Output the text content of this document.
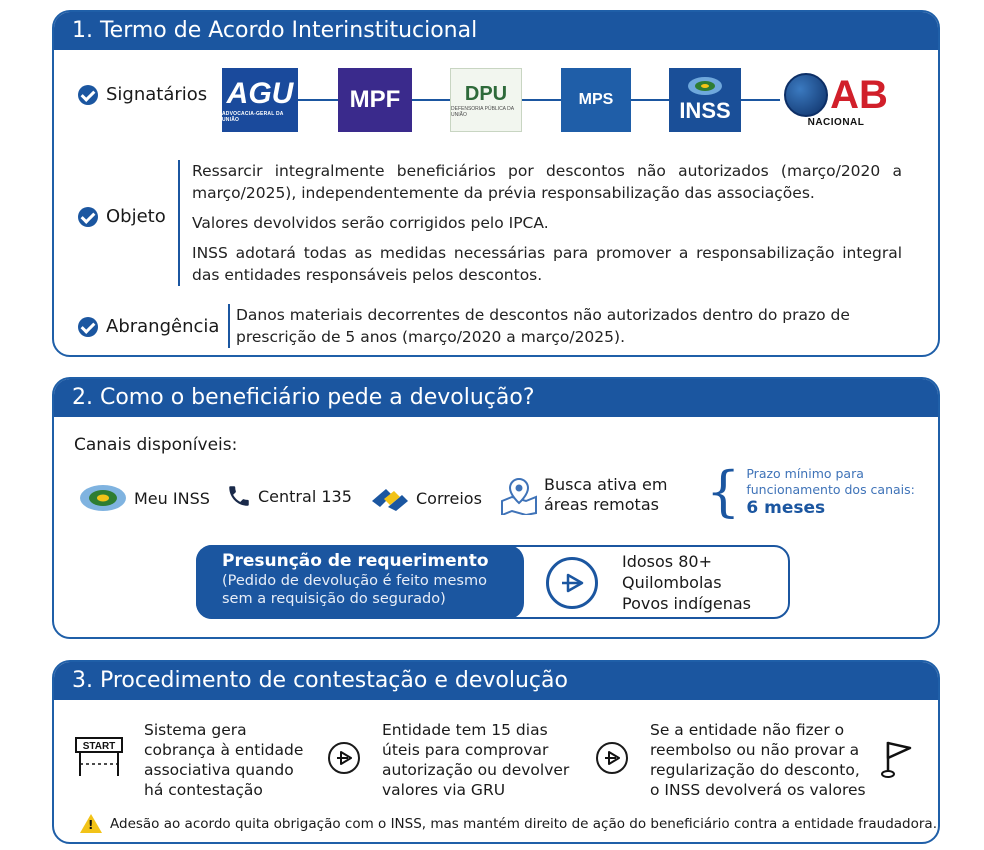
1. Termo de Acordo Interinstitucional
Signatários AGU
ADVOCACIA-GERAL DA UNIÃO
MPF	DPU
DEFENSORIA PÚBLICA DA UNIÃO
MPS	INSS AB
NACIONAL
Objeto

Ressarcir integralmente beneficiários por descontos não autorizados (março/2020 a março/2025), independentemente da prévia responsabilização das associações.

Valores devolvidos serão corrigidos pelo IPCA.

INSS adotará todas as medidas necessárias para promover a responsabilização integral das entidades responsáveis pelos descontos.

Abrangência

Danos materiais decorrentes de descontos não autorizados dentro do prazo de prescrição de 5 anos (março/2020 a março/2025).

2. Como o beneficiário pede a devolução?
Canais disponíveis:
Meu INSS	Central 135	Correios
Busca ativa em
áreas remotas { Prazo mínimo para
funcionamento dos canais:
6 meses
Presunção de requerimento
(Pedido de devolução é feito mesmo
sem a requisição do segurado)
Idosos 80+
Quilombolas
Povos indígenas
3. Procedimento de contestação e devolução
START
Sistema gera
cobrança à entidade
associativa quando
há contestação
Entidade tem 15 dias
úteis para comprovar
autorização ou devolver
valores via GRU
Se a entidade não fizer o
reembolso ou não provar a
regularização do desconto,
o INSS devolverá os valores
! Adesão ao acordo quita obrigação com o INSS, mas mantém direito de ação do beneficiário contra a entidade fraudadora.
